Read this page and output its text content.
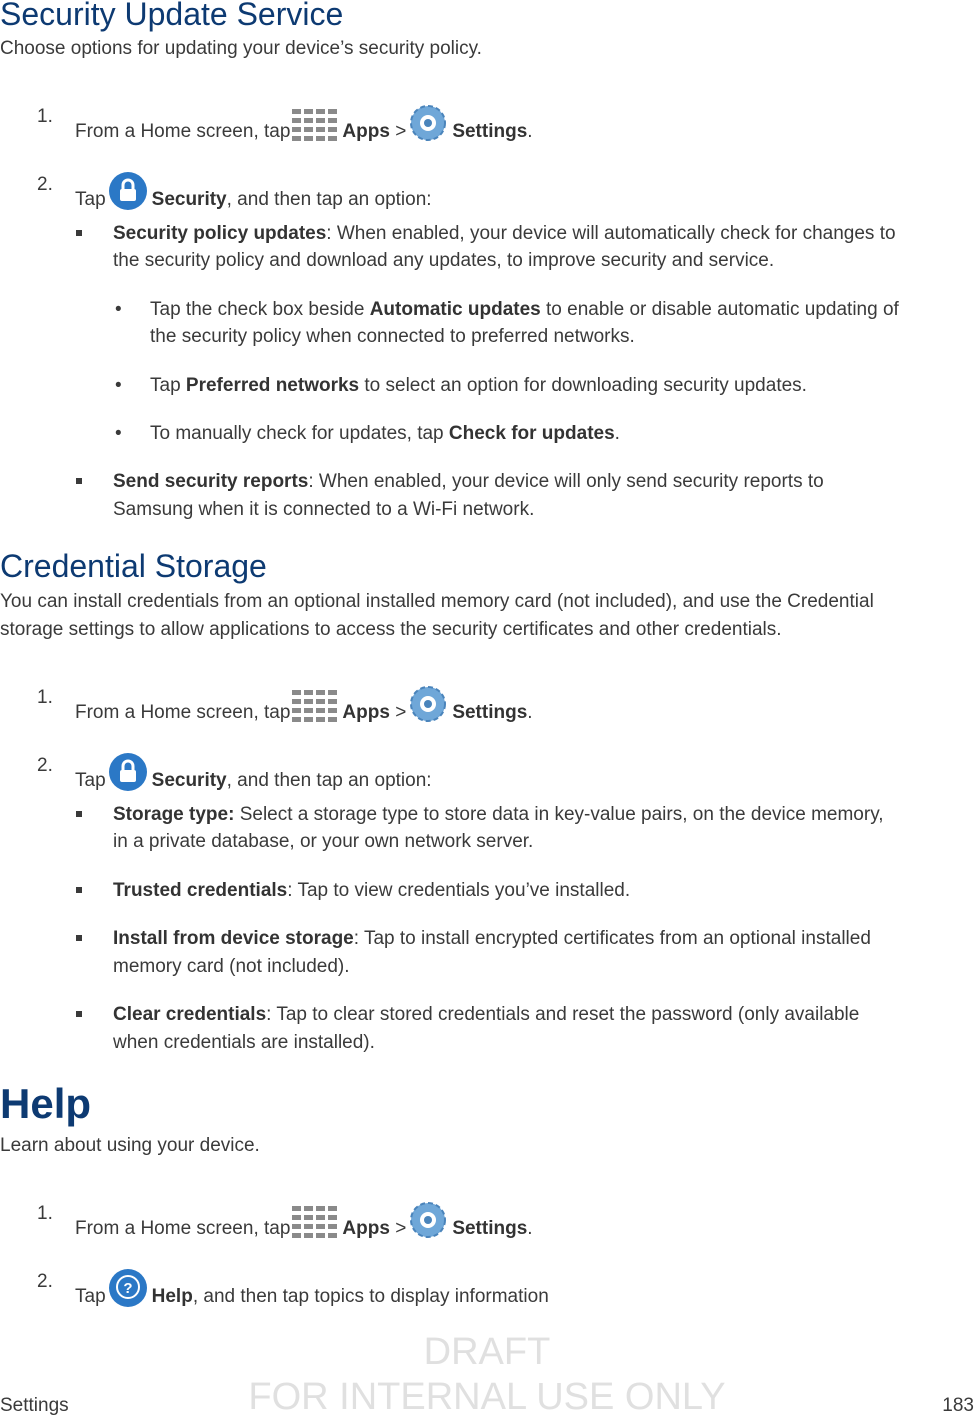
Security Update Service
Choose options for updating your device’s security policy.
1.
From a Home screen, tap	Apps > Settings.
2.
Tap Security, and then tap an option:
Security policy updates: When enabled, your device will automatically check for changes to
the security policy and download any updates, to improve security and service.
• Tap the check box beside Automatic updates to enable or disable automatic updating of
the security policy when connected to preferred networks.
• Tap Preferred networks to select an option for downloading security updates.
• To manually check for updates, tap Check for updates.
Send security reports: When enabled, your device will only send security reports to
Samsung when it is connected to a Wi-Fi network.
Credential Storage
You can install credentials from an optional installed memory card (not included), and use the Credential
storage settings to allow applications to access the security certificates and other credentials.
1.
From a Home screen, tap	Apps > Settings.
2.
Tap Security, and then tap an option:
Storage type: Select a storage type to store data in key-value pairs, on the device memory,
in a private database, or your own network server.
Trusted credentials: Tap to view credentials you’ve installed.
Install from device storage: Tap to install encrypted certificates from an optional installed
memory card (not included).
Clear credentials: Tap to clear stored credentials and reset the password (only available
when credentials are installed).
Help
Learn about using your device.
1.
From a Home screen, tap	Apps > Settings.
2.
Tap ? Help, and then tap topics to display information
DRAFT
FOR INTERNAL USE ONLY
Settings	183
